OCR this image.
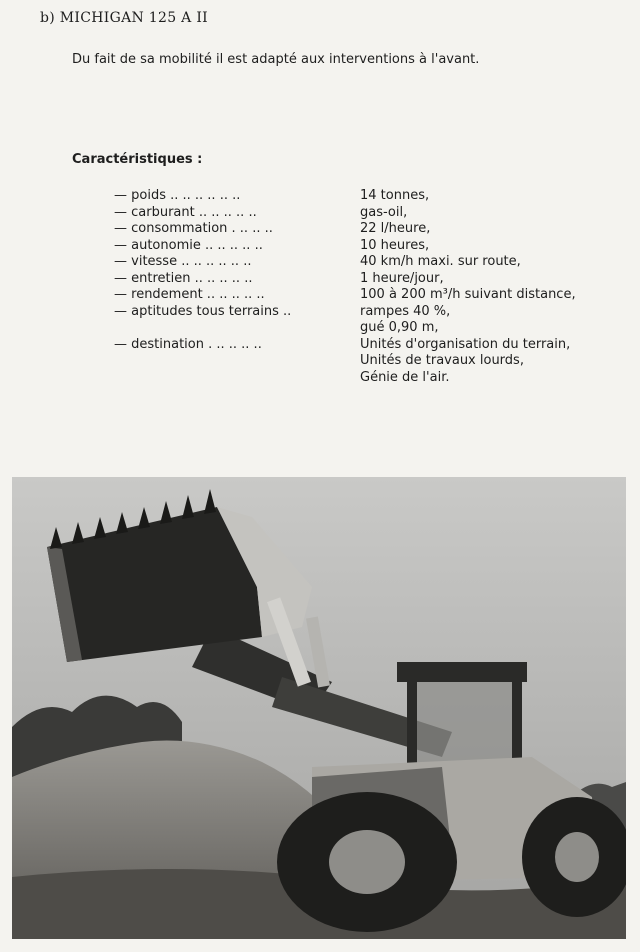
b) MICHIGAN 125 A II
Du fait de sa mobilité il est adapté aux interventions à l'avant.
Caractéristiques :
— poids .. .. .. .. .. ..	14 tonnes,
— carburant .. .. .. .. ..	gas-oil,
— consommation . .. .. ..	22 l/heure,
— autonomie .. .. .. .. ..	10 heures,
— vitesse .. .. .. .. .. ..	40 km/h maxi. sur route,
— entretien .. .. .. .. ..	1 heure/jour,
— rendement .. .. .. .. ..	100 à 200 m³/h suivant distance,
— aptitudes tous terrains ..	rampes 40 %,
gué 0,90 m,
— destination . .. .. .. ..	Unités d'organisation du terrain,
Unités de travaux lourds,
Génie de l'air.
